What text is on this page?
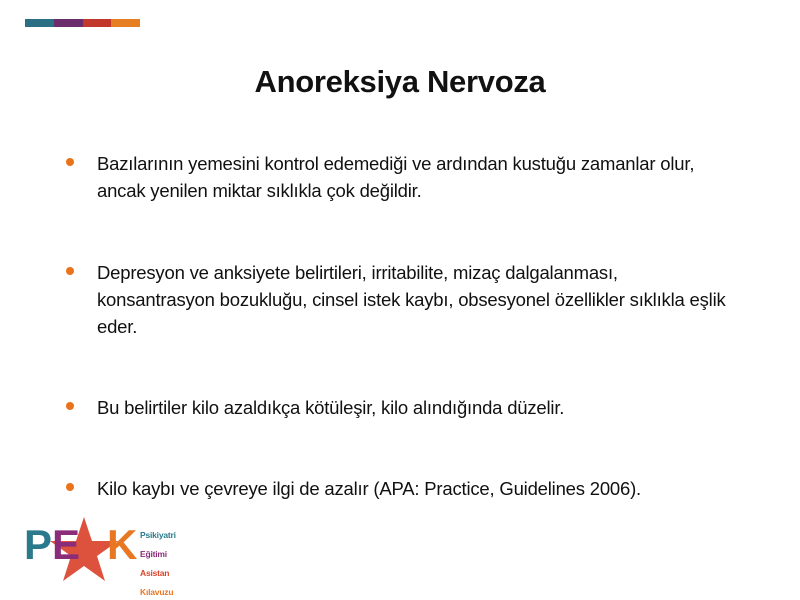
Anoreksiya Nervoza
Bazılarının yemesini kontrol edemediği ve ardından kustuğu zamanlar olur,
ancak yenilen miktar sıklıkla çok değildir.
Depresyon ve anksiyete belirtileri, irritabilite, mizaç dalgalanması,
konsantrasyon bozukluğu, cinsel istek kaybı, obsesyonel özellikler sıklıkla eşlik
eder.
Bu belirtiler kilo azaldıkça kötüleşir, kilo alındığında düzelir.
Kilo kaybı ve çevreye ilgi de azalır (APA: Practice, Guidelines 2006).
P E K Psikiyatri

Eğitimi

Asistan

Kılavuzu
